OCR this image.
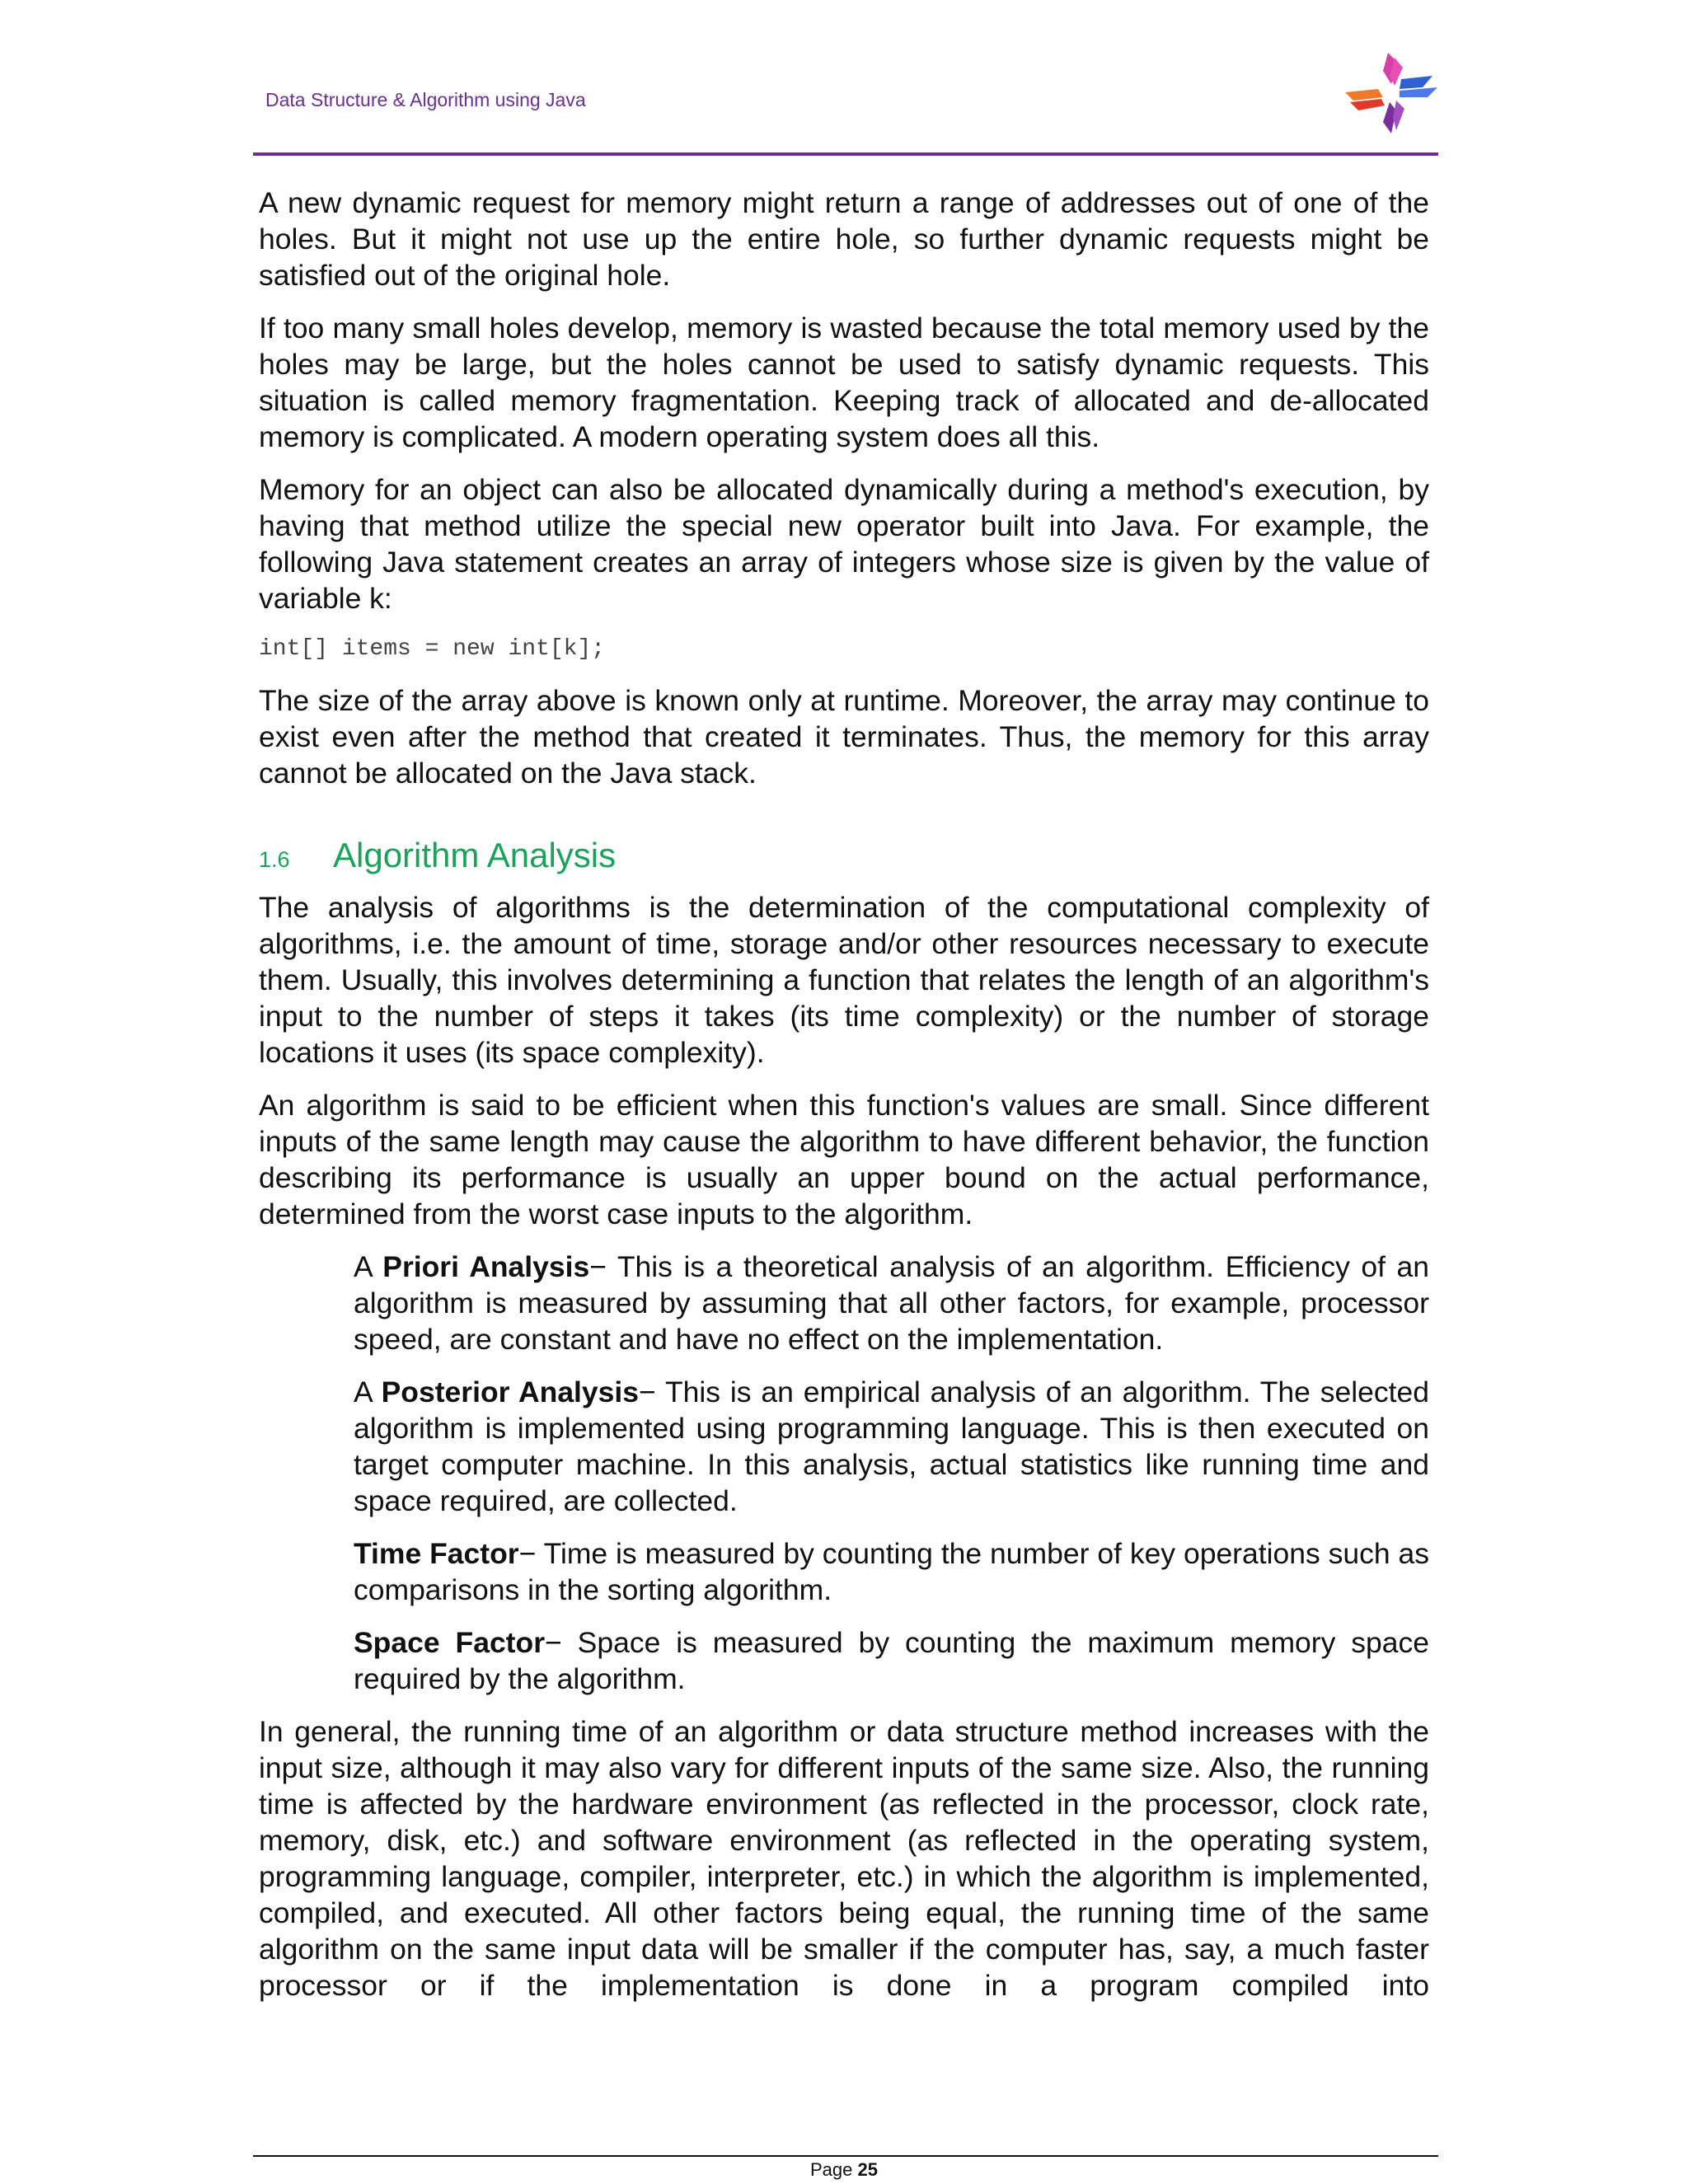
Data Structure & Algorithm using Java

A new dynamic request for memory might return a range of addresses out of one of the holes. But it might not use up the entire hole, so further dynamic requests might be satisfied out of the original hole.

If too many small holes develop, memory is wasted because the total memory used by the holes may be large, but the holes cannot be used to satisfy dynamic requests. This situation is called memory fragmentation. Keeping track of allocated and de-allocated memory is complicated. A modern operating system does all this.

Memory for an object can also be allocated dynamically during a method's execution, by having that method utilize the special new operator built into Java. For example, the following Java statement creates an array of integers whose size is given by the value of variable k:

int[] items = new int[k];

The size of the array above is known only at runtime. Moreover, the array may continue to exist even after the method that created it terminates. Thus, the memory for this array cannot be allocated on the Java stack.

1.6	Algorithm Analysis

The analysis of algorithms is the determination of the computational complexity of algorithms, i.e. the amount of time, storage and/or other resources necessary to execute them. Usually, this involves determining a function that relates the length of an algorithm's input to the number of steps it takes (its time complexity) or the number of storage locations it uses (its space complexity).

An algorithm is said to be efficient when this function's values are small. Since different inputs of the same length may cause the algorithm to have different behavior, the function describing its performance is usually an upper bound on the actual performance, determined from the worst case inputs to the algorithm.

A Priori Analysis− This is a theoretical analysis of an algorithm. Efficiency of an algorithm is measured by assuming that all other factors, for example, processor speed, are constant and have no effect on the implementation.

A Posterior Analysis− This is an empirical analysis of an algorithm. The selected algorithm is implemented using programming language. This is then executed on target computer machine. In this analysis, actual statistics like running time and space required, are collected.

Time Factor− Time is measured by counting the number of key operations such as comparisons in the sorting algorithm.

Space Factor− Space is measured by counting the maximum memory space required by the algorithm.

In general, the running time of an algorithm or data structure method increases with the input size, although it may also vary for different inputs of the same size. Also, the running time is affected by the hardware environment (as reflected in the processor, clock rate, memory, disk, etc.) and software environment (as reflected in the operating system, programming language, compiler, interpreter, etc.) in which the algorithm is implemented, compiled, and executed. All other factors being equal, the running time of the same algorithm on the same input data will be smaller if the computer has, say, a much faster processor or if the implementation is done in a program compiled into

Page 25
